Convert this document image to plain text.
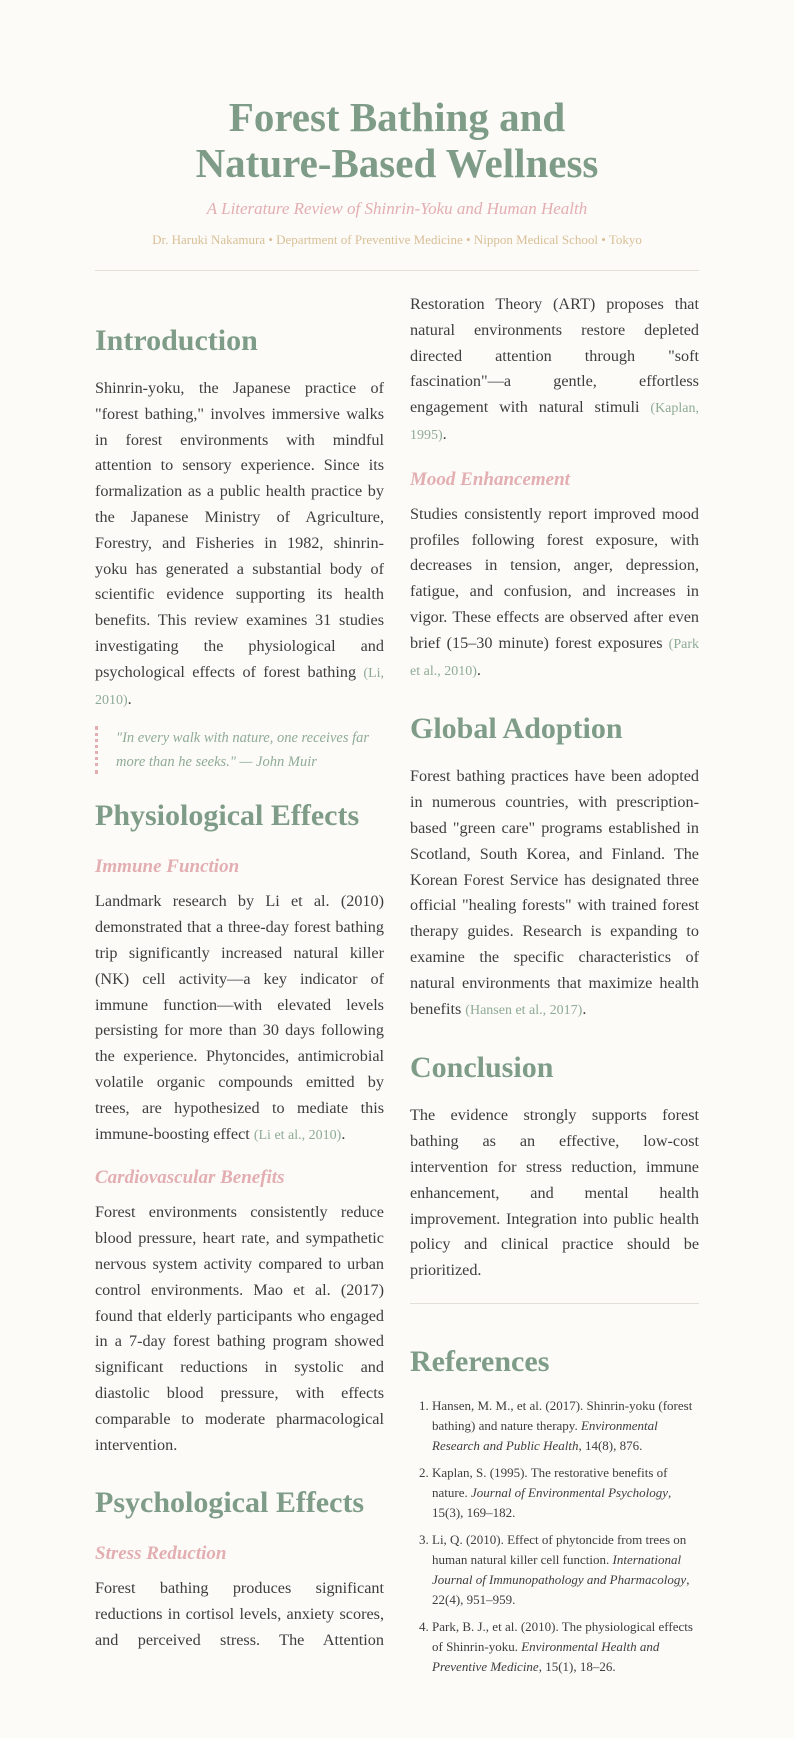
Forest Bathing and
Nature-Based Wellness

A Literature Review of Shinrin-Yoku and Human Health

Dr. Haruki Nakamura • Department of Preventive Medicine • Nippon Medical School • Tokyo

Introduction

Shinrin-yoku, the Japanese practice of "forest bathing," involves immersive walks in forest environments with mindful attention to sensory experience. Since its formalization as a public health practice by the Japanese Ministry of Agriculture, Forestry, and Fisheries in 1982, shinrin-yoku has generated a substantial body of scientific evidence supporting its health benefits. This review examines 31 studies investigating the physiological and psychological effects of forest bathing (Li, 2010).

"In every walk with nature, one receives far more than he seeks." — John Muir
Physiological Effects
Immune Function

Landmark research by Li et al. (2010) demonstrated that a three-day forest bathing trip significantly increased natural killer (NK) cell activity—a key indicator of immune function—with elevated levels persisting for more than 30 days following the experience. Phytoncides, antimicrobial volatile organic compounds emitted by trees, are hypothesized to mediate this immune-boosting effect (Li et al., 2010).

Cardiovascular Benefits

Forest environments consistently reduce blood pressure, heart rate, and sympathetic nervous system activity compared to urban control environments. Mao et al. (2017) found that elderly participants who engaged in a 7-day forest bathing program showed significant reductions in systolic and diastolic blood pressure, with effects comparable to moderate pharmacological intervention.

Psychological Effects
Stress Reduction

Forest bathing produces significant reductions in cortisol levels, anxiety scores, and perceived stress. The Attention

Restoration Theory (ART) proposes that natural environments restore depleted directed attention through "soft fascination"—a gentle, effortless engagement with natural stimuli (Kaplan, 1995).

Mood Enhancement

Studies consistently report improved mood profiles following forest exposure, with decreases in tension, anger, depression, fatigue, and confusion, and increases in vigor. These effects are observed after even brief (15–30 minute) forest exposures (Park et al., 2010).

Global Adoption

Forest bathing practices have been adopted in numerous countries, with prescription-based "green care" programs established in Scotland, South Korea, and Finland. The Korean Forest Service has designated three official "healing forests" with trained forest therapy guides. Research is expanding to examine the specific characteristics of natural environments that maximize health benefits (Hansen et al., 2017).

Conclusion

The evidence strongly supports forest bathing as an effective, low-cost intervention for stress reduction, immune enhancement, and mental health improvement. Integration into public health policy and clinical practice should be prioritized.

References
1. Hansen, M. M., et al. (2017). Shinrin-yoku (forest bathing) and nature therapy. Environmental Research and Public Health, 14(8), 876.
2. Kaplan, S. (1995). The restorative benefits of nature. Journal of Environmental Psychology, 15(3), 169–182.
3. Li, Q. (2010). Effect of phytoncide from trees on human natural killer cell function. International Journal of Immunopathology and Pharmacology, 22(4), 951–959.
4. Park, B. J., et al. (2010). The physiological effects of Shinrin-yoku. Environmental Health and Preventive Medicine, 15(1), 18–26.
